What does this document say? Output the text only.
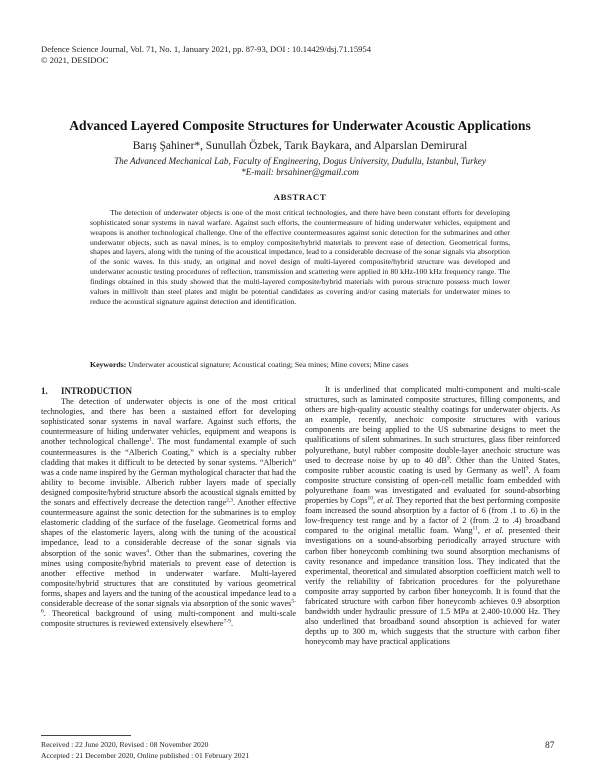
Defence Science Journal, Vol. 71, No. 1, January 2021, pp. 87-93, DOI : 10.14429/dsj.71.15954
© 2021, DESIDOC
Advanced Layered Composite Structures for Underwater Acoustic Applications
Barış Şahiner*, Sunullah Özbek, Tarık Baykara, and Alparslan Demirural
The Advanced Mechanical Lab, Faculty of Engineering, Dogus University, Dudullu, Istanbul, Turkey
*E-mail: brsahiner@gmail.com
ABSTRACT
The detection of underwater objects is one of the most critical technologies, and there have been constant efforts for developing sophisticated sonar systems in naval warfare. Against such efforts, the countermeasure of hiding underwater vehicles, equipment and weapons is another technological challenge. One of the effective countermeasures against sonic detection for the submarines and other underwater objects, such as naval mines, is to employ composite/hybrid materials to prevent ease of detection. Geometrical forms, shapes and layers, along with the tuning of the acoustical impedance, lead to a considerable decrease of the sonar signals via absorption of the sonic waves. In this study, an original and novel design of multi-layered composite/hybrid structure was developed and underwater acoustic testing procedures of reflection, transmission and scattering were applied in 80 kHz-100 kHz frequency range. The findings obtained in this study showed that the multi-layered composite/hybrid materials with porous structure possess much lower values in millivolt than steel plates and might be potential candidates as covering and/or casing materials for underwater mines to reduce the acoustical signature against detection and identification.
Keywords: Underwater acoustical signature; Acoustical coating; Sea mines; Mine covers; Mine cases
1. INTRODUCTION

The detection of underwater objects is one of the most critical technologies, and there has been a sustained effort for developing sophisticated sonar systems in naval warfare. Against such efforts, the countermeasure of hiding underwater vehicles, equipment and weapons is another technological challenge$^1$. The most fundamental example of such countermeasures is the “Alberich Coating,” which is a specialty rubber cladding that makes it difficult to be detected by sonar systems. “Alberich” was a code name inspired by the German mythological character that had the ability to become invisible. Alberich rubber layers made of specially designed composite/hybrid structure absorb the acoustical signals emitted by the sonars and effectively decrease the detection range$^{2,3}$. Another effective countermeasure against the sonic detection for the submarines is to employ elastomeric cladding of the surface of the fuselage. Geometrical forms and shapes of the elastomeric layers, along with the tuning of the acoustical impedance, lead to a considerable decrease of the sonar signals via absorption of the sonic waves$^4$. Other than the submarines, covering the mines using composite/hybrid materials to prevent ease of detection is another effective method in underwater warfare. Multi-layered composite/hybrid structures that are constituted by various geometrical forms, shapes and layers and the tuning of the acoustical impedance lead to a considerable decrease of the sonar signals via absorption of the sonic waves$^{5-6}$. Theoretical background of using multi-component and multi-scale composite structures is reviewed extensively elsewhere$^{7-9}$.

It is underlined that complicated multi-component and multi-scale structures, such as laminated composite structures, filling components, and others are high-quality acoustic stealthy coatings for underwater objects. As an example, recently, anechoic composite structures with various components are being applied to the US submarine designs to meet the qualifications of silent submarines. In such structures, glass fiber reinforced polyurethane, butyl rubber composite double-layer anechoic structure was used to decrease noise by up to 40 $dB^9$. Other than the United States, composite rubber acoustic coating is used by Germany as well$^9$. A foam composite structure consisting of open-cell metallic foam embedded with polyurethane foam was investigated and evaluated for sound-absorbing properties by Cops$^{10}$, et al. They reported that the best performing composite foam increased the sound absorption by a factor of 6 (from .1 to .6) in the low-frequency test range and by a factor of 2 (from .2 to .4) broadband compared to the original metallic foam. Wang$^{11}$, et al. presented their investigations on a sound-absorbing periodically arrayed structure with carbon fiber honeycomb combining two sound absorption mechanisms of cavity resonance and impedance transition loss. They indicated that the experimental, theoretical and simulated absorption coefficient match well to verify the reliability of fabrication procedures for the polyurethane composite array supported by carbon fiber honeycomb. It is found that the fabricated structure with carbon fiber honeycomb achieves 0.9 absorption bandwidth under hydraulic pressure of 1.5 MPa at 2.400-10.000 Hz. They also underlined that broadband sound absorption is achieved for water depths up to 300 m, which suggests that the structure with carbon fiber honeycomb may have practical applications

Received : 22 June 2020, Revised : 08 November 2020
Accepted : 21 December 2020, Online published : 01 February 2021
87
